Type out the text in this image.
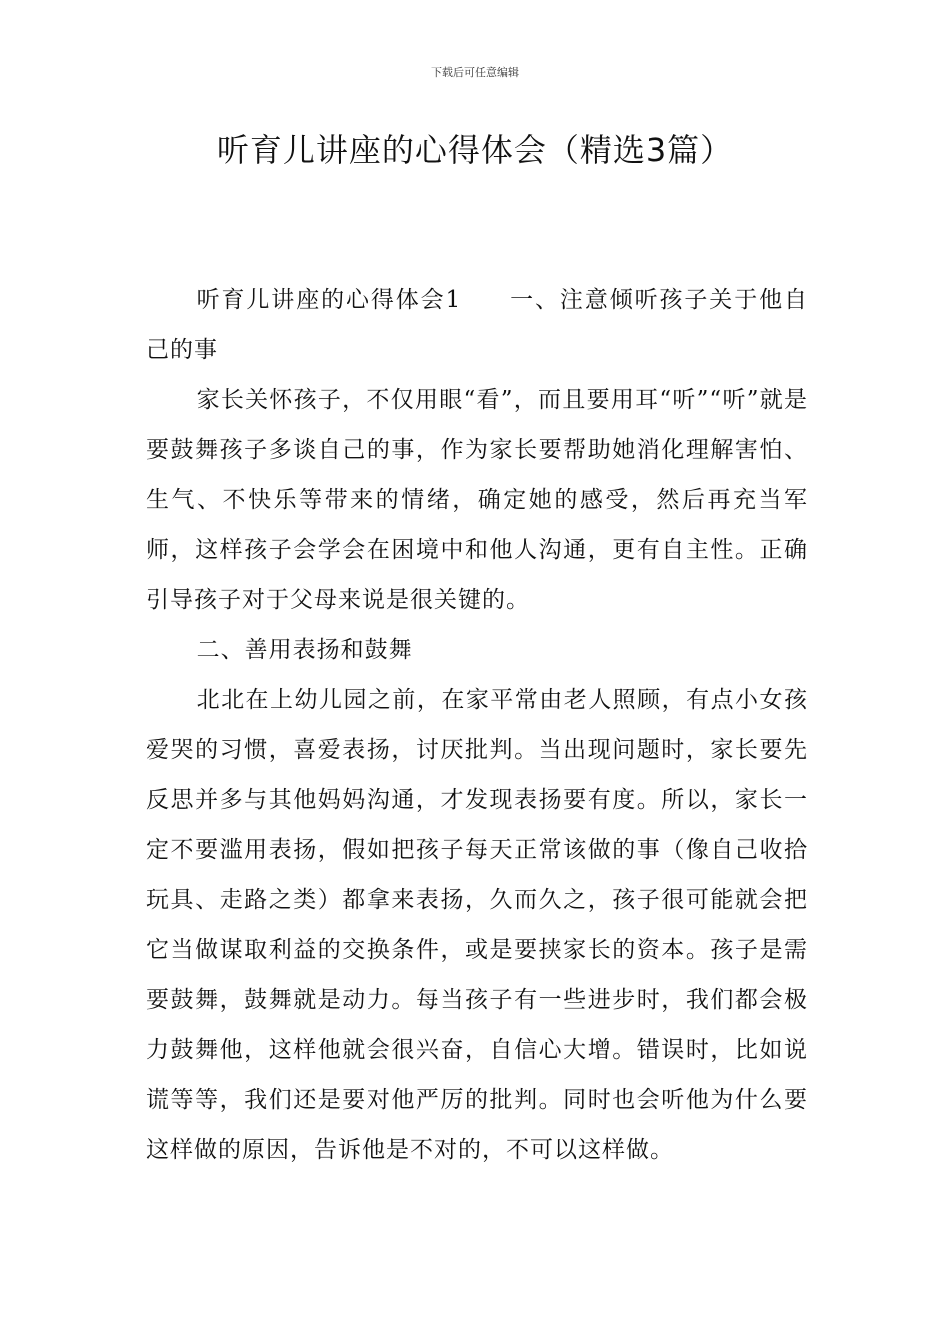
下载后可任意编辑
听育儿讲座的心得体会（精选3篇）

听育儿讲座的心得体会1 一、注意倾听孩子关于他自己的事

家长关怀孩子，不仅用眼“看”，而且要用耳“听”“听”就是要鼓舞孩子多谈自己的事，作为家长要帮助她消化理解害怕、生气、不快乐等带来的情绪，确定她的感受，然后再充当军师，这样孩子会学会在困境中和他人沟通，更有自主性。正确引导孩子对于父母来说是很关键的。

二、善用表扬和鼓舞

北北在上幼儿园之前，在家平常由老人照顾，有点小女孩爱哭的习惯，喜爱表扬，讨厌批判。当出现问题时，家长要先反思并多与其他妈妈沟通，才发现表扬要有度。所以，家长一定不要滥用表扬，假如把孩子每天正常该做的事（像自己收拾玩具、走路之类）都拿来表扬，久而久之，孩子很可能就会把它当做谋取利益的交换条件，或是要挟家长的资本。孩子是需要鼓舞，鼓舞就是动力。每当孩子有一些进步时，我们都会极力鼓舞他，这样他就会很兴奋，自信心大增。错误时，比如说谎等等，我们还是要对他严厉的批判。同时也会听他为什么要这样做的原因，告诉他是不对的，不可以这样做。
